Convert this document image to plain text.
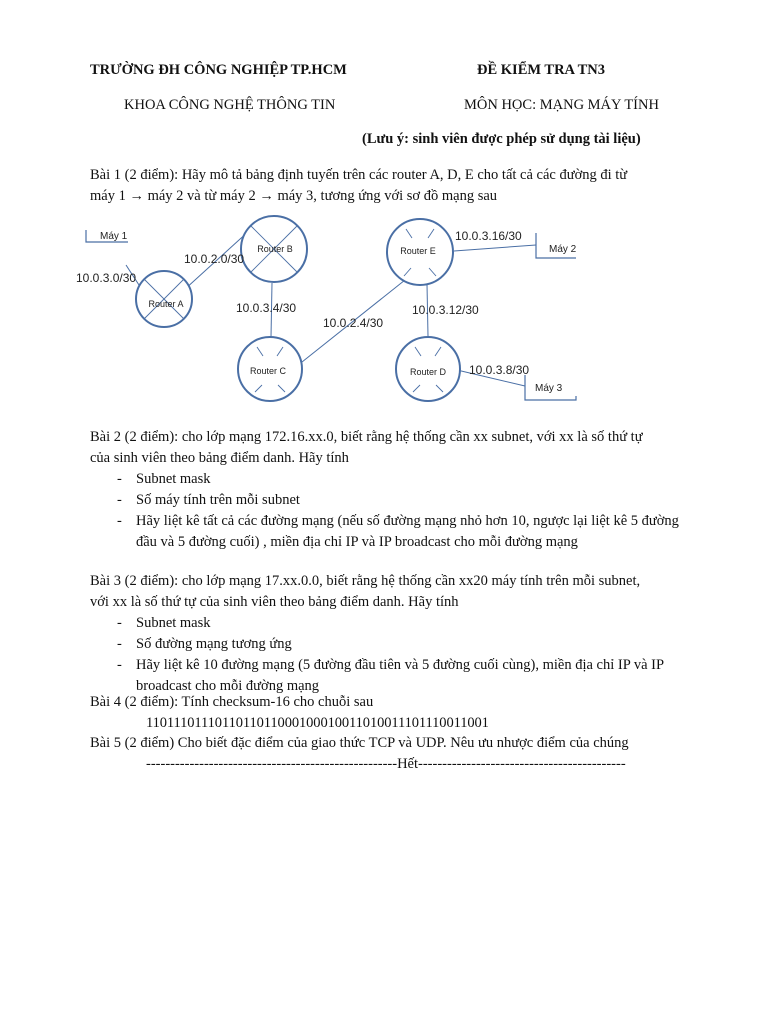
TRƯỜNG ĐH CÔNG NGHIỆP TP.HCM	ĐỀ KIỂM TRA TN3
KHOA CÔNG NGHỆ THÔNG TIN	MÔN HỌC: MẠNG MÁY TÍNH
(Lưu ý: sinh viên được phép sử dụng tài liệu)
Bài 1 (2 điểm): Hãy mô tả bảng định tuyến trên các router A, D, E cho tất cả các đường đi từ
máy 1 → máy 2 và từ máy 2 → máy 3, tương ứng với sơ đồ mạng sau
Router A
Router B
Router C	Router D
Router E
Máy 1
Máy 2
Máy 3
10.0.3.0/30
10.0.2.0/30
10.0.3.4/30
10.0.2.4/30
10.0.3.12/30
10.0.3.16/30
10.0.3.8/30
Bài 2 (2 điểm): cho lớp mạng 172.16.xx.0, biết rằng hệ thống cần xx subnet, với xx là số thứ tự
của sinh viên theo bảng điểm danh. Hãy tính
- Subnet mask
- Số máy tính trên mỗi subnet
- Hãy liệt kê tất cả các đường mạng (nếu số đường mạng nhỏ hơn 10, ngược lại liệt kê 5 đường đầu và 5 đường cuối) , miền địa chỉ IP và IP broadcast cho mỗi đường mạng
Bài 3 (2 điểm): cho lớp mạng 17.xx.0.0, biết rằng hệ thống cần xx20 máy tính trên mỗi subnet,
với xx là số thứ tự của sinh viên theo bảng điểm danh. Hãy tính
- Subnet mask
- Số đường mạng tương ứng
- Hãy liệt kê 10 đường mạng (5 đường đầu tiên và 5 đường cuối cùng), miền địa chỉ IP và IP broadcast cho mỗi đường mạng
Bài 4 (2 điểm): Tính checksum-16 cho chuỗi sau
11011101110110110110001000100110100111011100110​01
Bài 5 (2 điểm) Cho biết đặc điểm của giao thức TCP và UDP. Nêu ưu nhược điểm của chúng
----------------------------------------------------Hết-------------------------------------------
